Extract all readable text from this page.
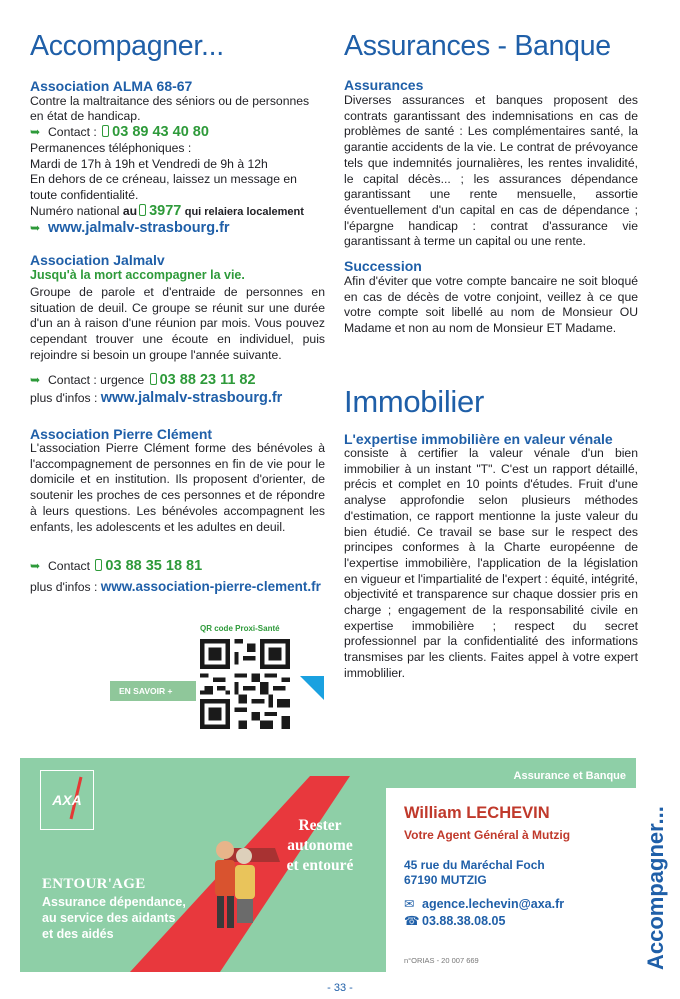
Accompagner...
Association ALMA 68-67
Contre la maltraitance des séniors ou de personnes
en état de handicap.
➥ Contact : 03 89 43 40 80
Permanences téléphoniques :
Mardi de 17h à 19h et Vendredi de 9h à 12h
En dehors de ce créneau, laissez un message en
toute confidentialité.
Numéro national au 3977 qui relaiera localement
➥ www.jalmalv-strasbourg.fr
Association Jalmalv
Jusqu'à la mort accompagner la vie.

Groupe de parole et d'entraide de personnes en situation de deuil. Ce groupe se réunit sur une durée d'un an à raison d'une réunion par mois. Vous pouvez cependant trouver une écoute en individuel, puis rejoindre si besoin un groupe l'année suivante.

➥ Contact : urgence 03 88 23 11 82
plus d'infos : www.jalmalv-strasbourg.fr
Association Pierre Clément

L'association Pierre Clément forme des bénévoles à l'accompagnement de personnes en fin de vie pour le domicile et en institution. Ils proposent d'orienter, de soutenir les proches de ces personnes et de répondre à leurs questions. Les bénévoles accompagnent les enfants, les adolescents et les adultes en deuil.

➥ Contact 03 88 35 18 81
plus d'infos : www.association-pierre-clement.fr
QR code Proxi-Santé
EN SAVOIR +
Assurances - Banque
Assurances

Diverses assurances et banques proposent des contrats garantissant des indemnisations en cas de problèmes de santé : Les complémentaires santé, la garantie accidents de la vie. Le contrat de prévoyance tels que indemnités journalières, les rentes invalidité, le capital décès... ; les assurances dépendance garantissant une rente mensuelle, assortie éventuellement d'un capital en cas de dépendance ; l'épargne handicap : contrat d'assurance vie garantissant à terme un capital ou une rente.

Succession

Afin d'éviter que votre compte bancaire ne soit bloqué en cas de décès de votre conjoint, veillez à ce que votre compte soit libellé au nom de Monsieur OU Madame et non au nom de Monsieur ET Madame.

Immobilier
L'expertise immobilière en valeur vénale

consiste à certifier la valeur vénale d'un bien immobilier à un instant "T". C'est un rapport détaillé, précis et complet en 10 points d'études. Fruit d'une analyse approfondie selon plusieurs méthodes d'estimation, ce rapport mentionne la juste valeur du bien étudié. Ce travail se base sur le respect des principes conformes à la Charte européenne de l'expertise immobilière, l'application de la législation en vigueur et l'impartialité de l'expert : équité, intégrité, objectivité et transparence sur chaque dossier pris en charge ; engagement de la responsabilité civile en expertise immobilière ; respect du secret professionnel par la confidentialité des informations transmises par les clients. Faites appel à votre expert immoblilier.

AXA
ENTOUR'AGE
Assurance dépendance,
au service des aidants
et des aidés
Rester
autonome
et entouré
Assurance et Banque
William LECHEVIN
Votre Agent Général à Mutzig
45 rue du Maréchal Foch
67190 MUTZIG
✉ agence.lechevin@axa.fr
☎ 03.88.38.08.05
n°ORIAS - 20 007 669	Accompagner...
- 33 -
